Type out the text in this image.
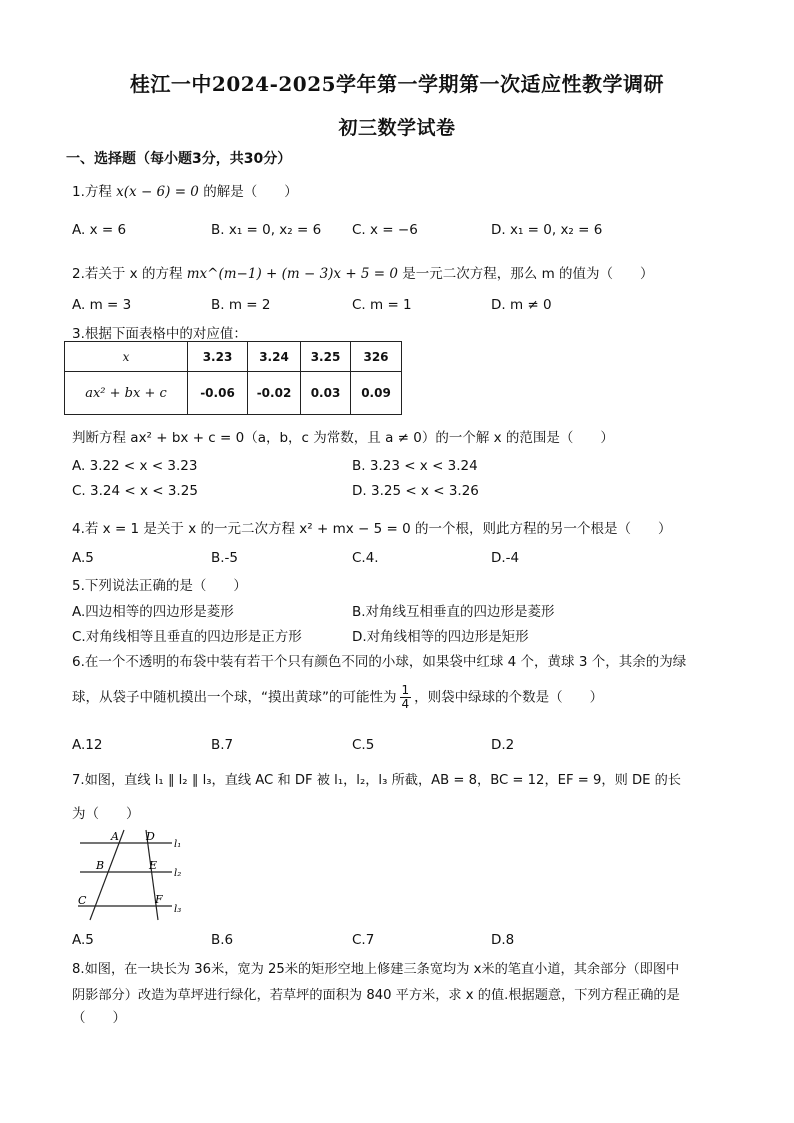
桂江一中2024-2025学年第一学期第一次适应性教学调研
初三数学试卷
一、选择题（每小题3分，共30分）
1.方程 x(x − 6) = 0 的解是（　　）
A. x = 6	B. x₁ = 0, x₂ = 6 C. x = −6	D. x₁ = 0, x₂ = 6
2.若关于 x 的方程 mx^(m−1) + (m − 3)x + 5 = 0 是一元二次方程，那么 m 的值为（　　）
A. m = 3	B. m = 2	C. m = 1	D. m ≠ 0
3.根据下面表格中的对应值：
x	3.23	3.24	3.25	326
ax² + bx + c	-0.06	-0.02	0.03	0.09
判断方程 ax² + bx + c = 0（a，b，c 为常数，且 a ≠ 0）的一个解 x 的范围是（　　）
A. 3.22 < x < 3.23	B. 3.23 < x < 3.24
C. 3.24 < x < 3.25	D. 3.25 < x < 3.26
4.若 x = 1 是关于 x 的一元二次方程 x² + mx − 5 = 0 的一个根，则此方程的另一个根是（　　）
A.5	B.-5	C.4.	D.-4
5.下列说法正确的是（　　）
A.四边相等的四边形是菱形	B.对角线互相垂直的四边形是菱形
C.对角线相等且垂直的四边形是正方形	D.对角线相等的四边形是矩形
6.在一个不透明的布袋中装有若干个只有颜色不同的小球，如果袋中红球 4 个，黄球 3 个，其余的为绿
球，从袋子中随机摸出一个球，“摸出黄球”的可能性为 $\frac{1}{4}$ ，则袋中绿球的个数是（　　）
A.12	B.7	C.5	D.2
7.如图，直线 l₁ ∥ l₂ ∥ l₃，直线 AC 和 DF 被 l₁，l₂，l₃ 所截，AB = 8，BC = 12，EF = 9，则 DE 的长
为（　　）
A
B
C
D
E
F
l₁
l₂
l₃
A.5	B.6	C.7	D.8
8.如图，在一块长为 36米，宽为 25米的矩形空地上修建三条宽均为 x米的笔直小道，其余部分（即图中
阴影部分）改造为草坪进行绿化，若草坪的面积为 840 平方米，求 x 的值.根据题意，下列方程正确的是
（　　）
